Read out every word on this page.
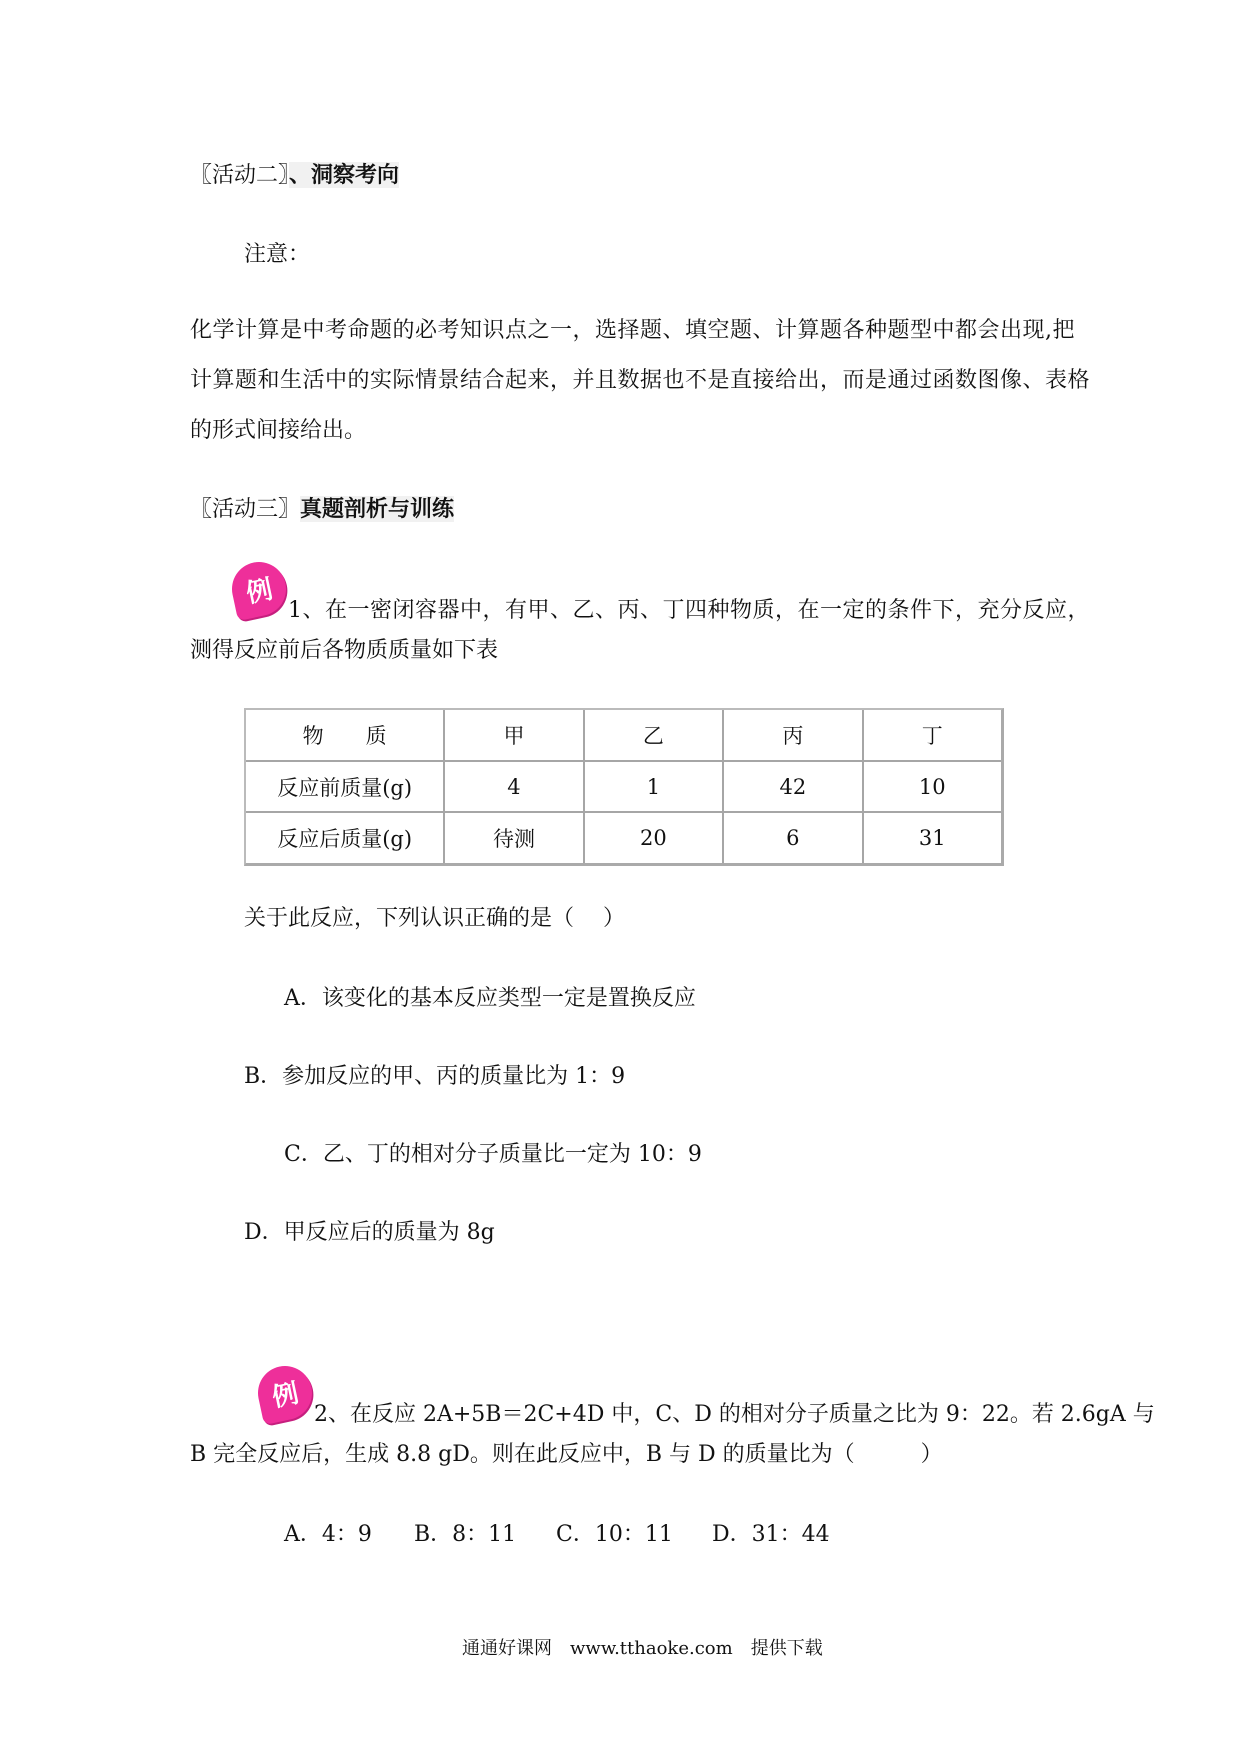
〖活动二〗、洞察考向
注意：
化学计算是中考命题的必考知识点之一，选择题、填空题、计算题各种题型中都会出现,把
计算题和生活中的实际情景结合起来，并且数据也不是直接给出，而是通过函数图像、表格
的形式间接给出。
〖活动三〗真题剖析与训练
例
1、在一密闭容器中，有甲、乙、丙、丁四种物质，在一定的条件下，充分反应，
测得反应前后各物质质量如下表
物　　质	甲	乙	丙	丁
反应前质量(g)	4	1	42	10
反应后质量(g)	待测	20	6	31
关于此反应，下列认识正确的是（　 ）
A．该变化的基本反应类型一定是置换反应
B．参加反应的甲、丙的质量比为 1：9
C．乙、丁的相对分子质量比一定为 10：9
D．甲反应后的质量为 8g
例
2、在反应 2A+5B＝2C+4D 中，C、D 的相对分子质量之比为 9：22。若 2.6gA 与
B 完全反应后，生成 8.8 gD。则在此反应中，B 与 D 的质量比为（　　　）
A．4：9 B．8：11 C．10：11 D．31：44
通通好课网　www.tthaoke.com　提供下载
